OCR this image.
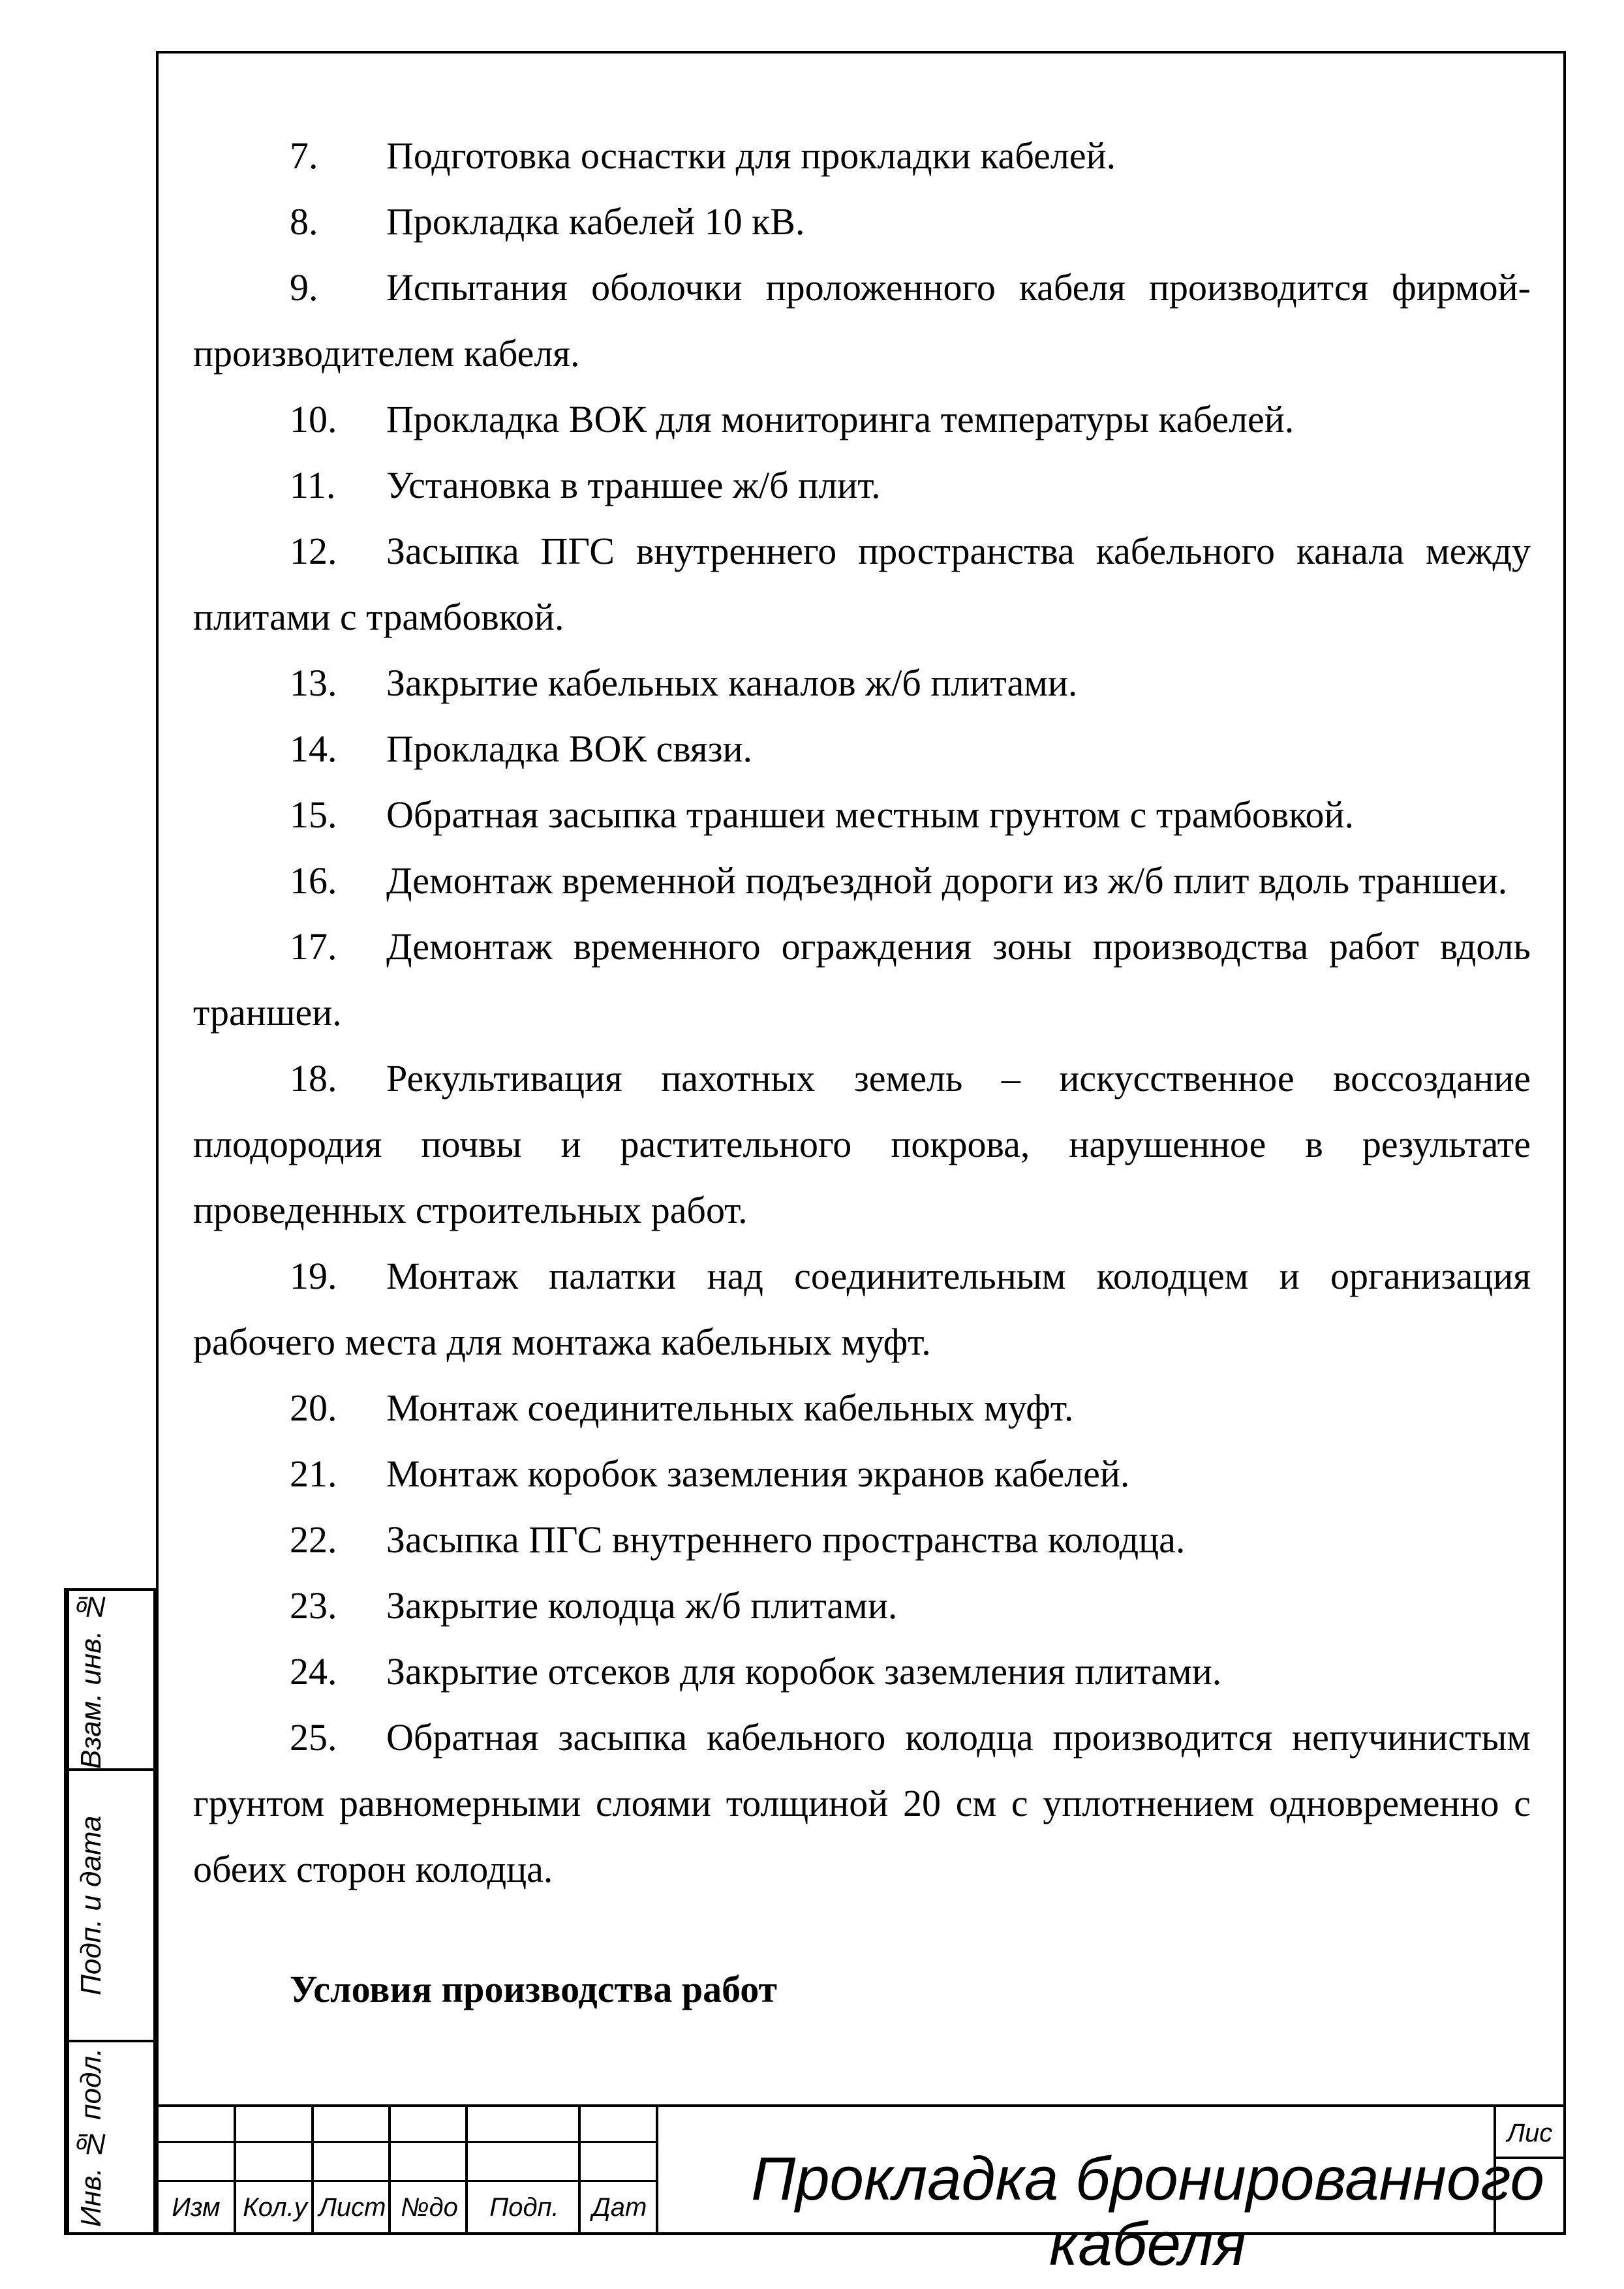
7. Подготовка оснастки для прокладки кабелей.

8. Прокладка кабелей 10 кВ.

9. Испытания оболочки проложенного кабеля производится фирмой-производителем кабеля.

10. Прокладка ВОК для мониторинга температуры кабелей.

11. Установка в траншее ж/б плит.

12. Засыпка ПГС внутреннего пространства кабельного канала между плитами с трамбовкой.

13. Закрытие кабельных каналов ж/б плитами.

14. Прокладка ВОК связи.

15. Обратная засыпка траншеи местным грунтом с трамбовкой.

16. Демонтаж временной подъездной дороги из ж/б плит вдоль траншеи.

17. Демонтаж временного ограждения зоны производства работ вдоль траншеи.

18. Рекультивация пахотных земель – искусственное воссоздание плодородия почвы и растительного покрова, нарушенное в результате проведенных строительных работ.

19. Монтаж палатки над соединительным колодцем и организация рабочего места для монтажа кабельных муфт.

20. Монтаж соединительных кабельных муфт.

21. Монтаж коробок заземления экранов кабелей.

22. Засыпка ПГС внутреннего пространства колодца.

23. Закрытие колодца ж/б плитами.

24. Закрытие отсеков для коробок заземления плитами.

25. Обратная засыпка кабельного колодца производится непучинистым грунтом равномерными слоями толщиной 20 см с уплотнением одновременно с обеих сторон колодца.

Условия производства работ

Взам. инв. №
Подп. и дата
Инв. № подл.	Изм Кол.у Лист №до	Подп.	Дат	Прокладка бронированного кабеля
Лис
